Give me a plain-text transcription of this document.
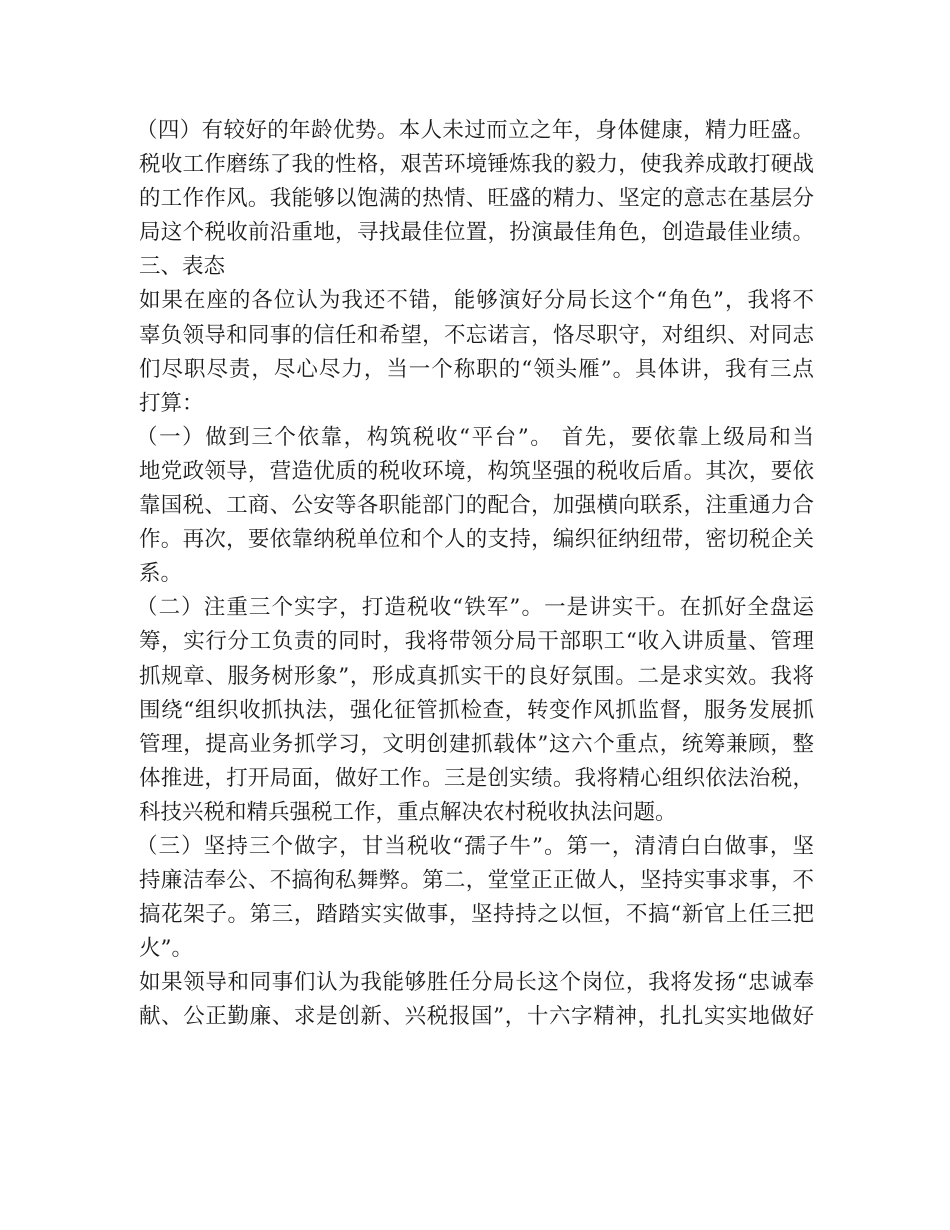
（四）有较好的年龄优势。本人未过而立之年，身体健康，精力旺盛。
税收工作磨练了我的性格，艰苦环境锤炼我的毅力，使我养成敢打硬战
的工作作风。我能够以饱满的热情、旺盛的精力、坚定的意志在基层分
局这个税收前沿重地，寻找最佳位置，扮演最佳角色，创造最佳业绩。
三、表态
如果在座的各位认为我还不错，能够演好分局长这个“角色”，我将不
辜负领导和同事的信任和希望，不忘诺言，恪尽职守，对组织、对同志
们尽职尽责，尽心尽力，当一个称职的“领头雁”。具体讲，我有三点
打算：
（一）做到三个依靠，构筑税收“平台”。 首先，要依靠上级局和当
地党政领导，营造优质的税收环境，构筑坚强的税收后盾。其次，要依
靠国税、工商、公安等各职能部门的配合，加强横向联系，注重通力合
作。再次，要依靠纳税单位和个人的支持，编织征纳纽带，密切税企关
系。
（二）注重三个实字，打造税收“铁军”。一是讲实干。在抓好全盘运
筹，实行分工负责的同时，我将带领分局干部职工“收入讲质量、管理
抓规章、服务树形象”，形成真抓实干的良好氛围。二是求实效。我将
围绕“组织收抓执法，强化征管抓检查，转变作风抓监督，服务发展抓
管理，提高业务抓学习，文明创建抓载体”这六个重点，统筹兼顾，整
体推进，打开局面，做好工作。三是创实绩。我将精心组织依法治税，
科技兴税和精兵强税工作，重点解决农村税收执法问题。
（三）坚持三个做字，甘当税收“孺子牛”。第一，清清白白做事，坚
持廉洁奉公、不搞徇私舞弊。第二，堂堂正正做人，坚持实事求事，不
搞花架子。第三，踏踏实实做事，坚持持之以恒，不搞“新官上任三把
火”。
如果领导和同事们认为我能够胜任分局长这个岗位，我将发扬“忠诚奉
献、公正勤廉、求是创新、兴税报国”，十六字精神，扎扎实实地做好
